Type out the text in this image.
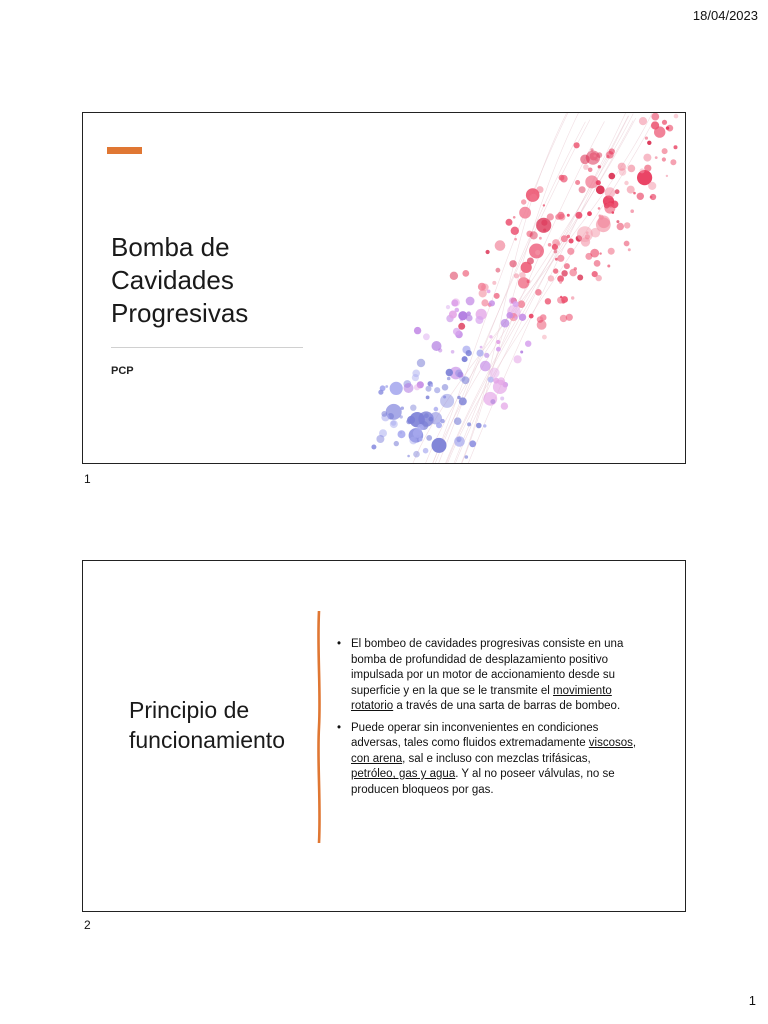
18/04/2023
Bomba de
Cavidades
Progresivas
PCP
1
Principio de
funcionamiento
• El bombeo de cavidades progresivas consiste en una bomba de profundidad de desplazamiento positivo impulsada por un motor de accionamiento desde su superficie y en la que se le transmite el movimiento rotatorio a través de una sarta de barras de bombeo.
• Puede operar sin inconvenientes en condiciones adversas, tales como fluidos extremadamente viscosos, con arena, sal e incluso con mezclas trifásicas, petróleo, gas y agua. Y al no poseer válvulas, no se producen bloqueos por gas.
2
1
